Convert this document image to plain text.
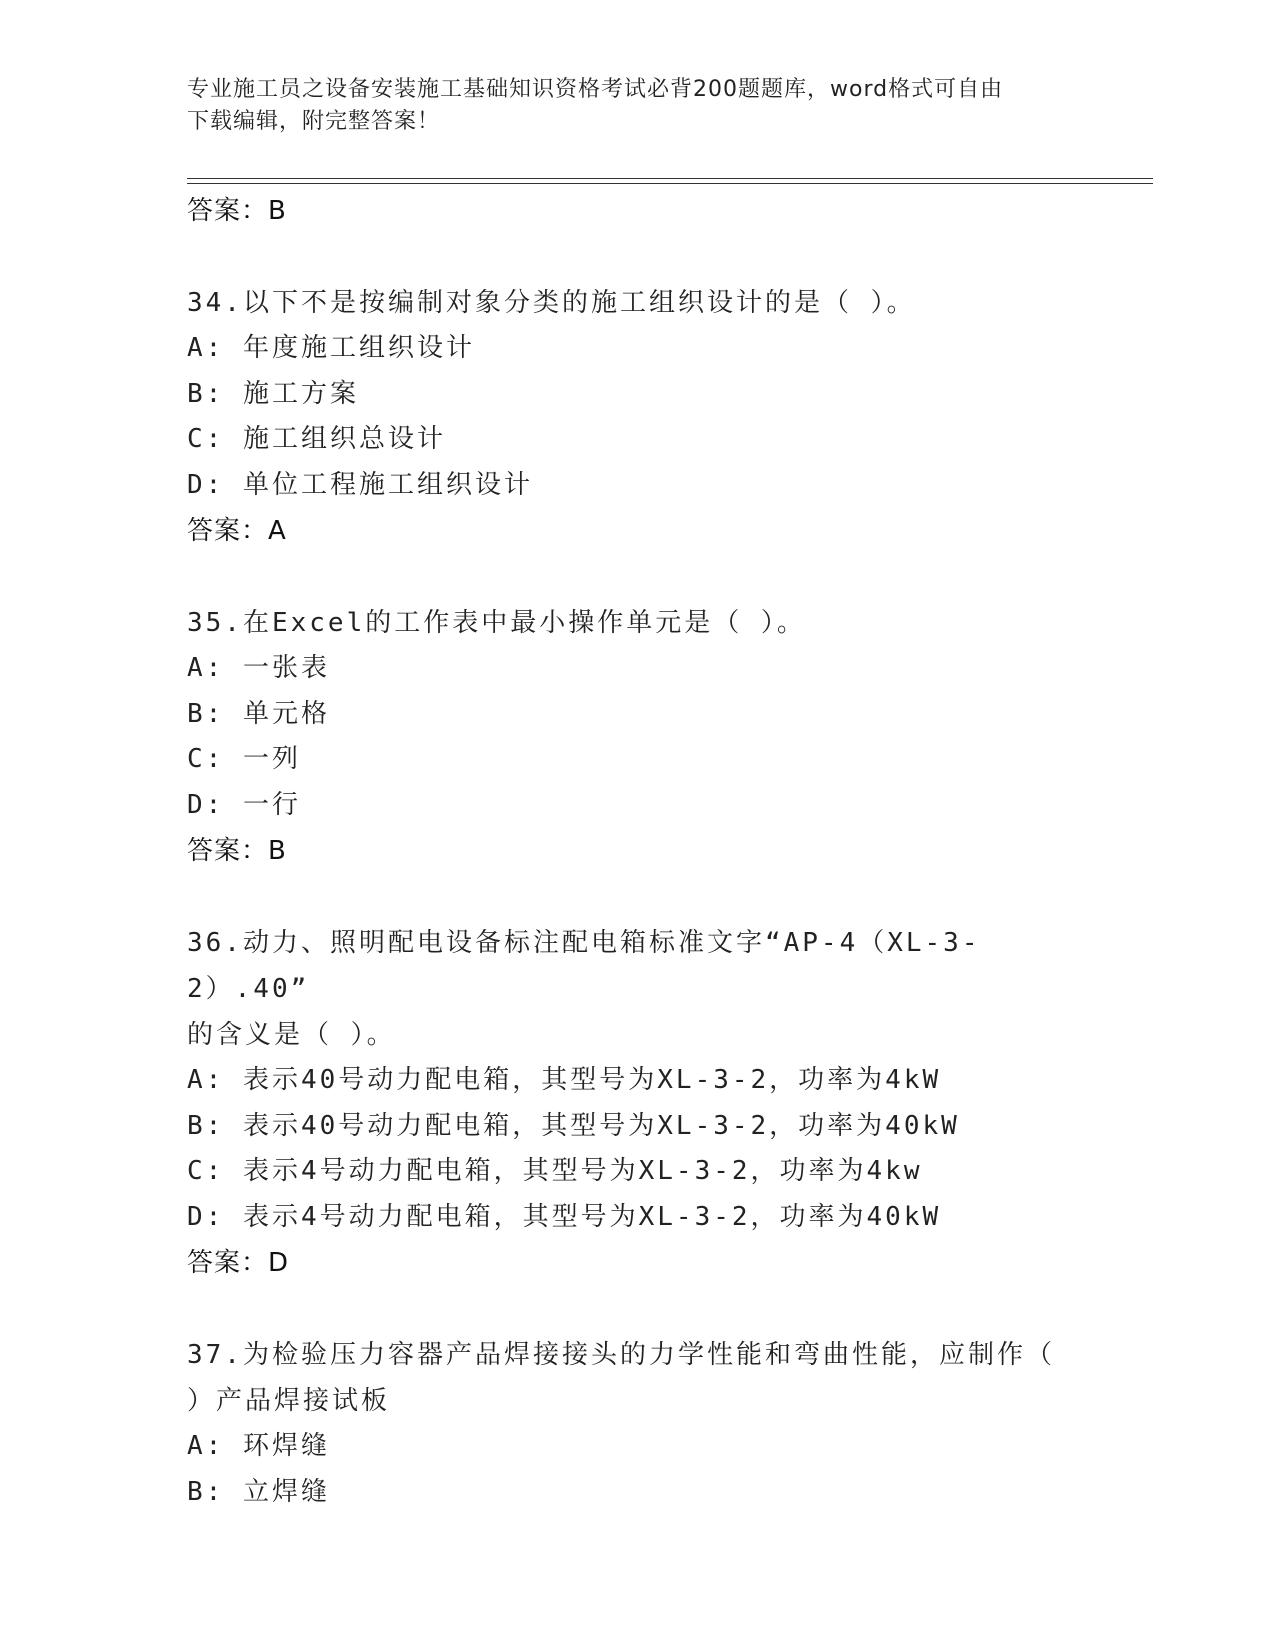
专业施工员之设备安装施工基础知识资格考试必背200题题库，word格式可自由
下载编辑，附完整答案！
答案：B
34.以下不是按编制对象分类的施工组织设计的是（ ）。
A: 年度施工组织设计
B: 施工方案
C: 施工组织总设计
D: 单位工程施工组织设计
答案：A
35.在Excel的工作表中最小操作单元是（ ）。
A: 一张表
B: 单元格
C: 一列
D: 一行
答案：B
36.动力、照明配电设备标注配电箱标准文字“AP-4（XL-3-2）.40”
的含义是（ ）。
A: 表示40号动力配电箱，其型号为XL-3-2，功率为4kW
B: 表示40号动力配电箱，其型号为XL-3-2，功率为40kW
C: 表示4号动力配电箱，其型号为XL-3-2，功率为4kw
D: 表示4号动力配电箱，其型号为XL-3-2，功率为40kW
答案：D
37.为检验压力容器产品焊接接头的力学性能和弯曲性能，应制作（
）产品焊接试板
A: 环焊缝
B: 立焊缝
